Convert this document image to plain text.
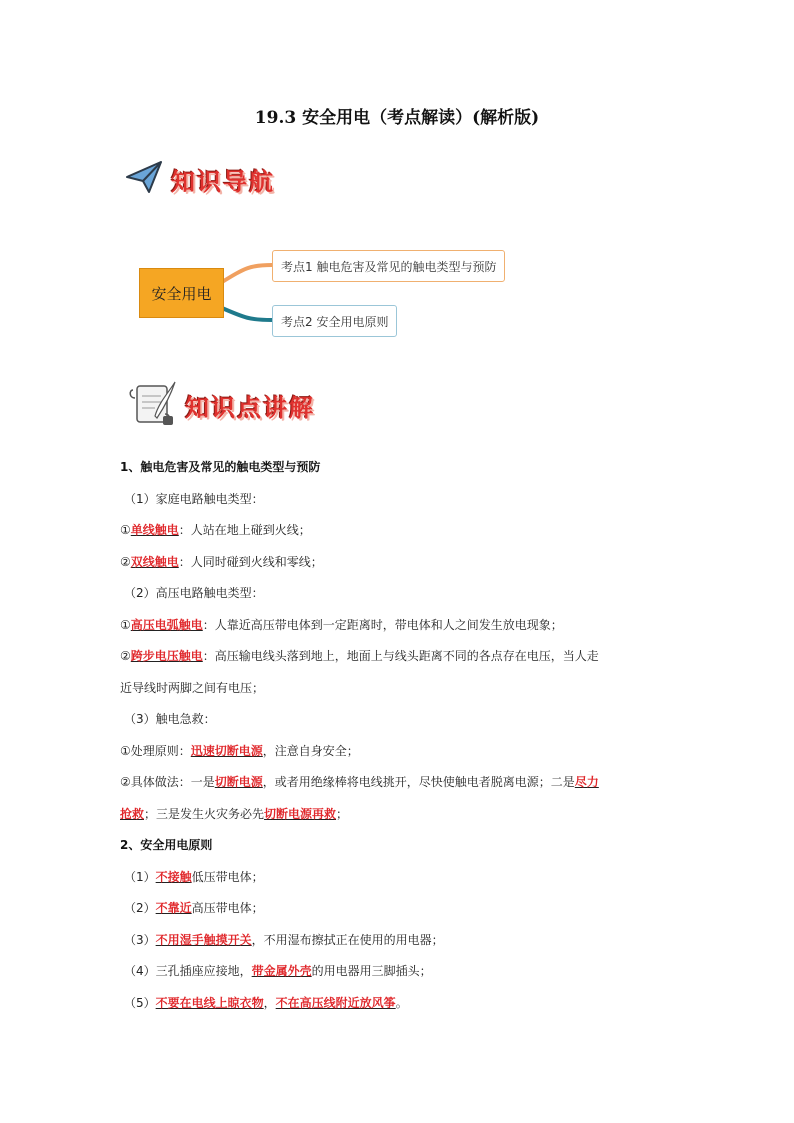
19.3 安全用电（考点解读）(解析版)
知识导航
安全用电
考点1 触电危害及常见的触电类型与预防
考点2 安全用电原则
知识点讲解
1、触电危害及常见的触电类型与预防
（1）家庭电路触电类型：
①单线触电：人站在地上碰到火线；
②双线触电：人同时碰到火线和零线；
（2）高压电路触电类型：
①高压电弧触电：人靠近高压带电体到一定距离时，带电体和人之间发生放电现象；
②跨步电压触电：高压输电线头落到地上，地面上与线头距离不同的各点存在电压，当人走
近导线时两脚之间有电压；
（3）触电急救：
①处理原则：迅速切断电源，注意自身安全；
②具体做法：一是切断电源，或者用绝缘棒将电线挑开，尽快使触电者脱离电源；二是尽力
抢救；三是发生火灾务必先切断电源再救；
2、安全用电原则
（1）不接触低压带电体；
（2）不靠近高压带电体；
（3）不用湿手触摸开关，不用湿布擦拭正在使用的用电器；
（4）三孔插座应接地，带金属外壳的用电器用三脚插头；
（5）不要在电线上晾衣物，不在高压线附近放风筝。
